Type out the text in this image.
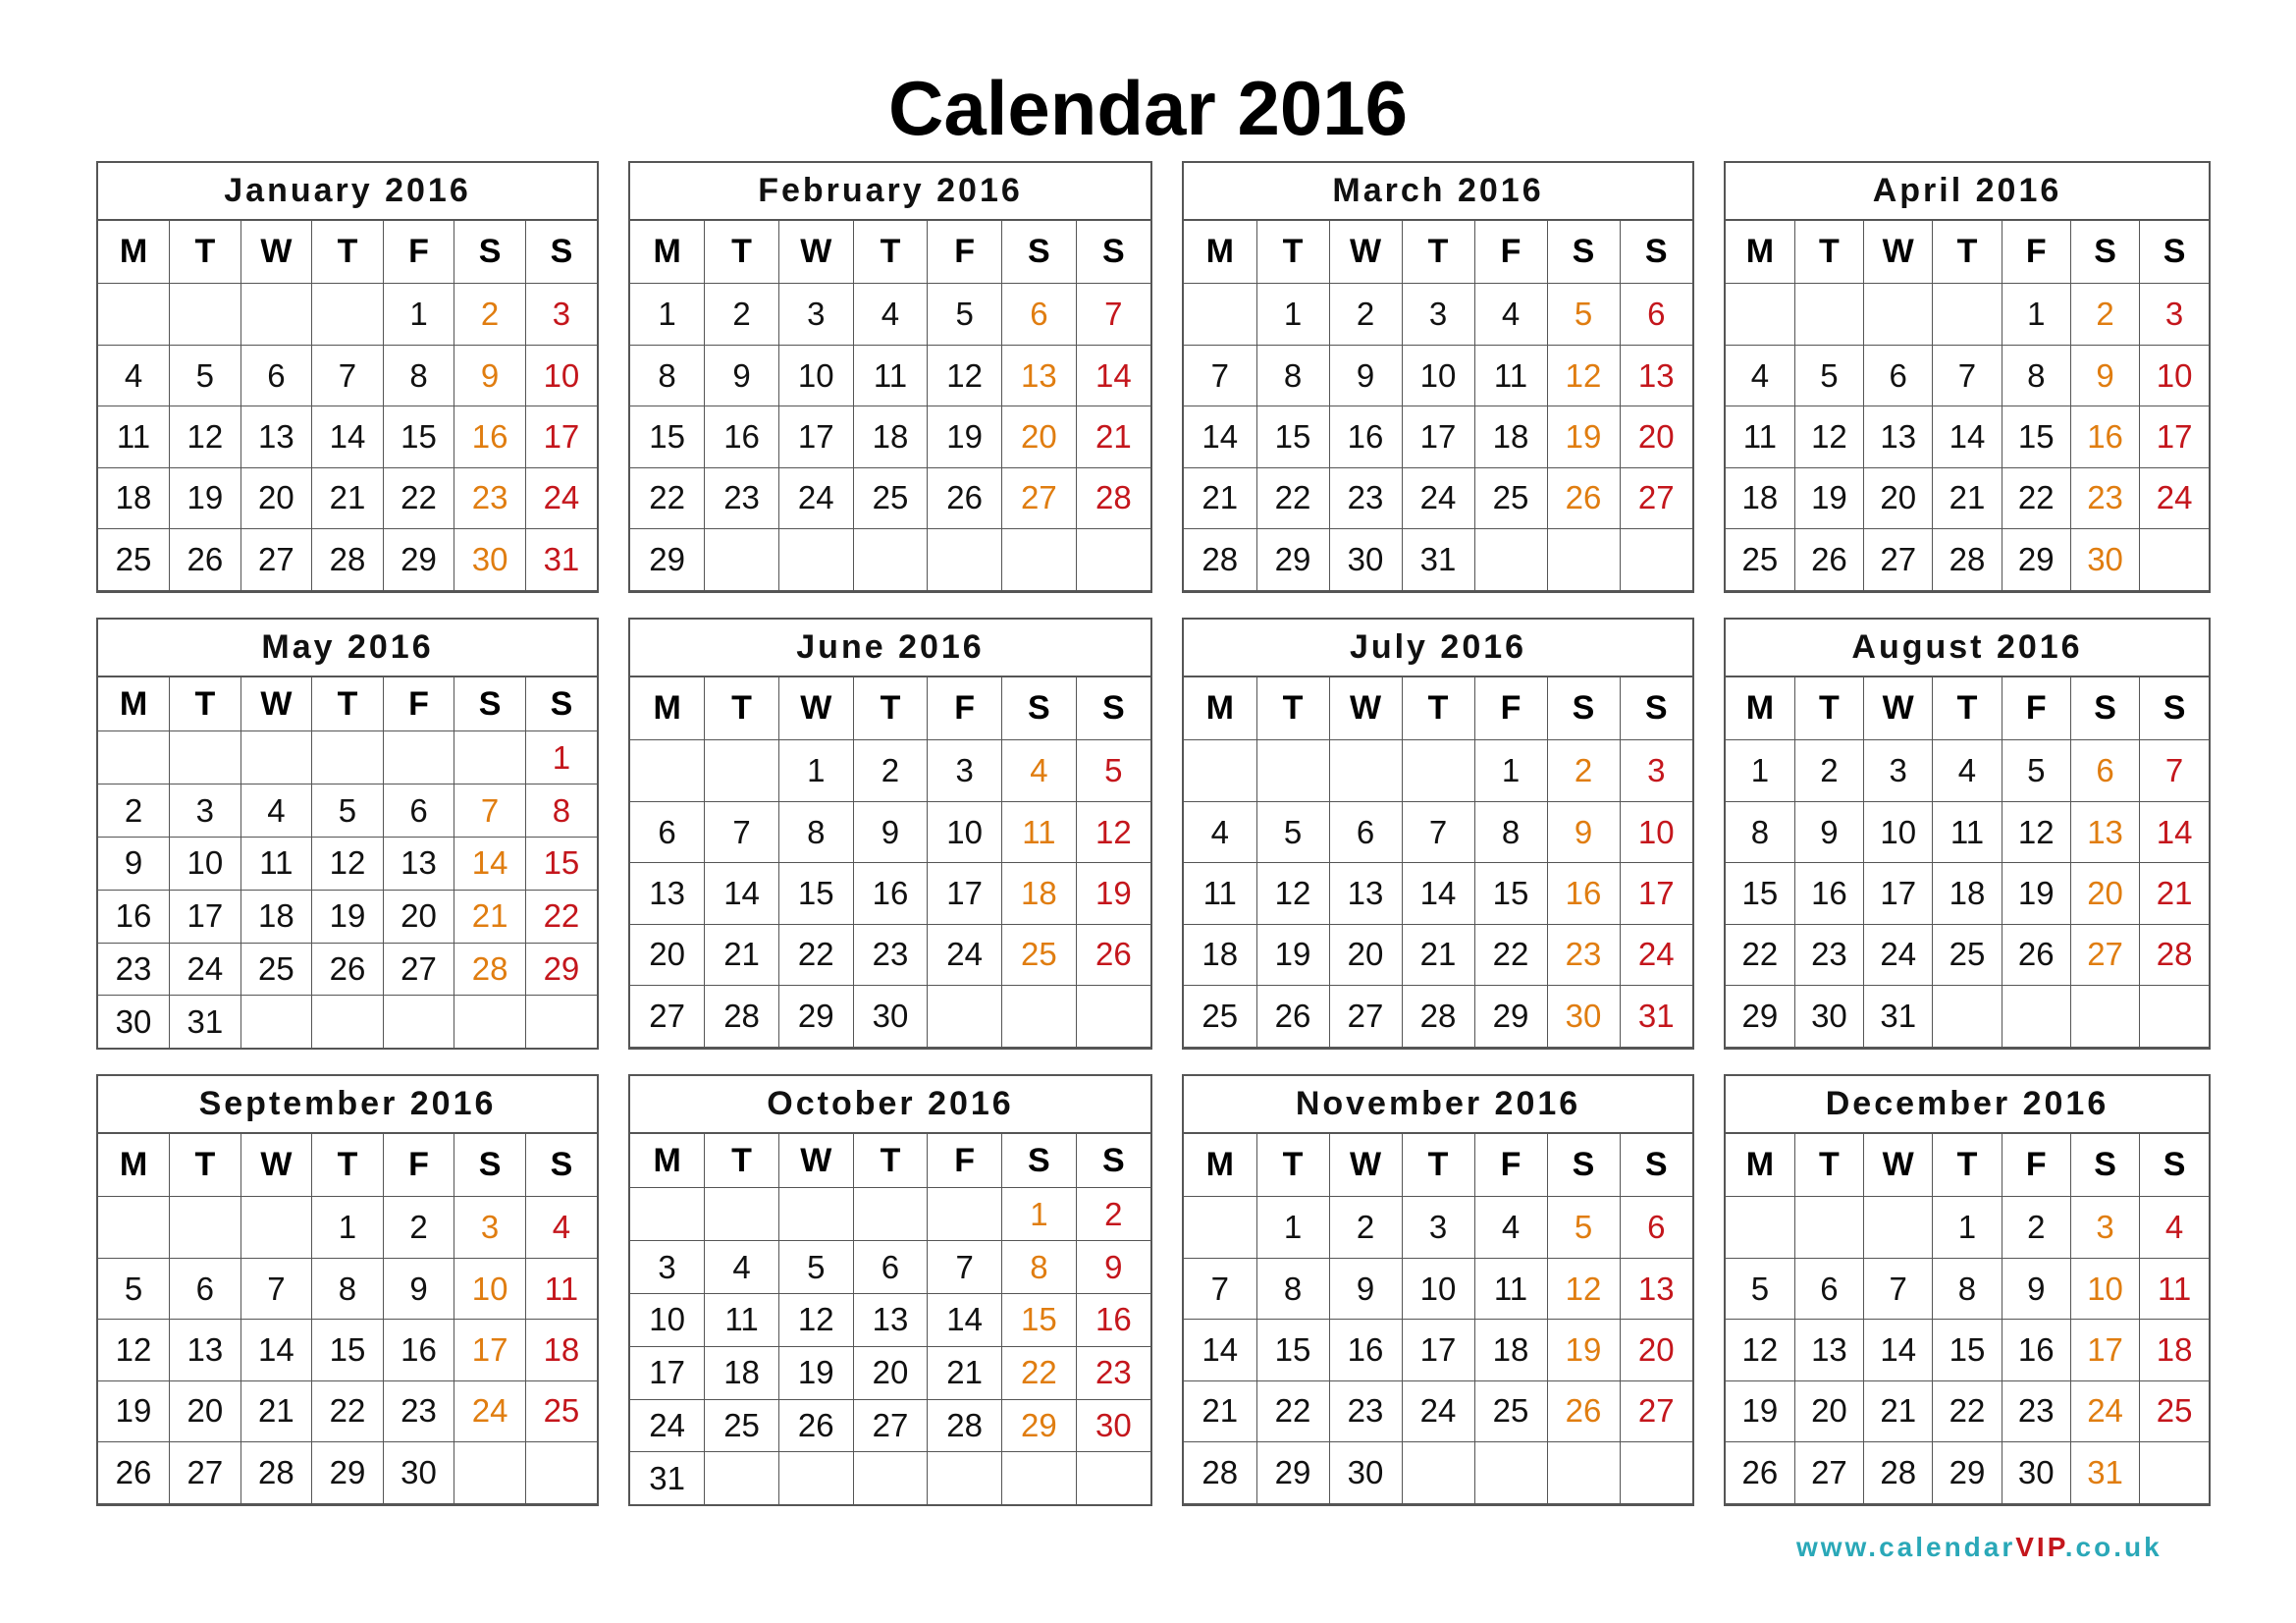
Calendar 2016
January 2016						
M	T	W	T	F	S	S
				1	2	3
4	5	6	7	8	9	10
11	12	13	14	15	16	17
18	19	20	21	22	23	24
25	26	27	28	29	30	31

February 2016						
M	T	W	T	F	S	S
1	2	3	4	5	6	7
8	9	10	11	12	13	14
15	16	17	18	19	20	21
22	23	24	25	26	27	28
29						

March 2016						
M	T	W	T	F	S	S
	1	2	3	4	5	6
7	8	9	10	11	12	13
14	15	16	17	18	19	20
21	22	23	24	25	26	27
28	29	30	31			

April 2016						
M	T	W	T	F	S	S
				1	2	3
4	5	6	7	8	9	10
11	12	13	14	15	16	17
18	19	20	21	22	23	24
25	26	27	28	29	30	

May 2016						
M	T	W	T	F	S	S
						1
2	3	4	5	6	7	8
9	10	11	12	13	14	15
16	17	18	19	20	21	22
23	24	25	26	27	28	29
30	31					
June 2016						
M	T	W	T	F	S	S
		1	2	3	4	5
6	7	8	9	10	11	12
13	14	15	16	17	18	19
20	21	22	23	24	25	26
27	28	29	30			

July 2016						
M	T	W	T	F	S	S
				1	2	3
4	5	6	7	8	9	10
11	12	13	14	15	16	17
18	19	20	21	22	23	24
25	26	27	28	29	30	31

August 2016						
M	T	W	T	F	S	S
1	2	3	4	5	6	7
8	9	10	11	12	13	14
15	16	17	18	19	20	21
22	23	24	25	26	27	28
29	30	31				

September 2016						
M	T	W	T	F	S	S
			1	2	3	4
5	6	7	8	9	10	11
12	13	14	15	16	17	18
19	20	21	22	23	24	25
26	27	28	29	30		

October 2016						
M	T	W	T	F	S	S
					1	2
3	4	5	6	7	8	9
10	11	12	13	14	15	16
17	18	19	20	21	22	23
24	25	26	27	28	29	30
31						
November 2016						
M	T	W	T	F	S	S
	1	2	3	4	5	6
7	8	9	10	11	12	13
14	15	16	17	18	19	20
21	22	23	24	25	26	27
28	29	30				

December 2016						
M	T	W	T	F	S	S
			1	2	3	4
5	6	7	8	9	10	11
12	13	14	15	16	17	18
19	20	21	22	23	24	25
26	27	28	29	30	31	

www.calendarVIP.co.uk
